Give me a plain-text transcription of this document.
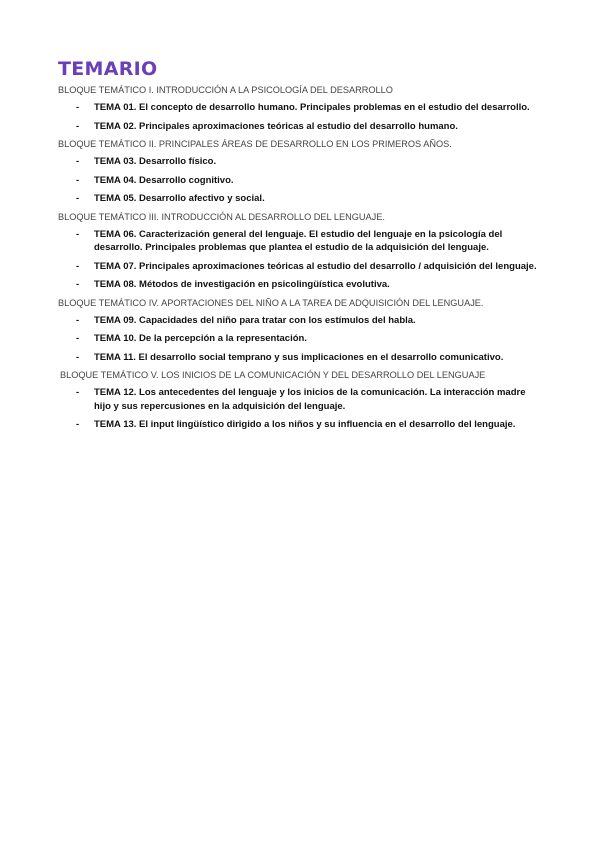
TEMARIO
BLOQUE TEMÁTICO I. INTRODUCCIÓN A LA PSICOLOGÍA DEL DESARROLLO
- TEMA 01. El concepto de desarrollo humano. Principales problemas en el estudio del desarrollo.
- TEMA 02. Principales aproximaciones teóricas al estudio del desarrollo humano.
BLOQUE TEMÁTICO II. PRINCIPALES ÁREAS DE DESARROLLO EN LOS PRIMEROS AÑOS.
- TEMA 03. Desarrollo físico.
- TEMA 04. Desarrollo cognitivo.
- TEMA 05. Desarrollo afectivo y social.
BLOQUE TEMÁTICO III. INTRODUCCIÓN AL DESARROLLO DEL LENGUAJE.
- TEMA 06. Caracterización general del lenguaje. El estudio del lenguaje en la psicología del desarrollo. Principales problemas que plantea el estudio de la adquisición del lenguaje.
- TEMA 07. Principales aproximaciones teóricas al estudio del desarrollo / adquisición del lenguaje.
- TEMA 08. Métodos de investigación en psicolingüística evolutiva.
BLOQUE TEMÁTICO IV. APORTACIONES DEL NIÑO A LA TAREA DE ADQUISICIÓN DEL LENGUAJE.
- TEMA 09. Capacidades del niño para tratar con los estímulos del habla.
- TEMA 10. De la percepción a la representación.
- TEMA 11. El desarrollo social temprano y sus implicaciones en el desarrollo comunicativo.
BLOQUE TEMÁTICO V. LOS INICIOS DE LA COMUNICACIÓN Y DEL DESARROLLO DEL LENGUAJE
- TEMA 12. Los antecedentes del lenguaje y los inicios de la comunicación. La interacción madre hijo y sus repercusiones en la adquisición del lenguaje.
- TEMA 13. El input lingüístico dirigido a los niños y su influencia en el desarrollo del lenguaje.
